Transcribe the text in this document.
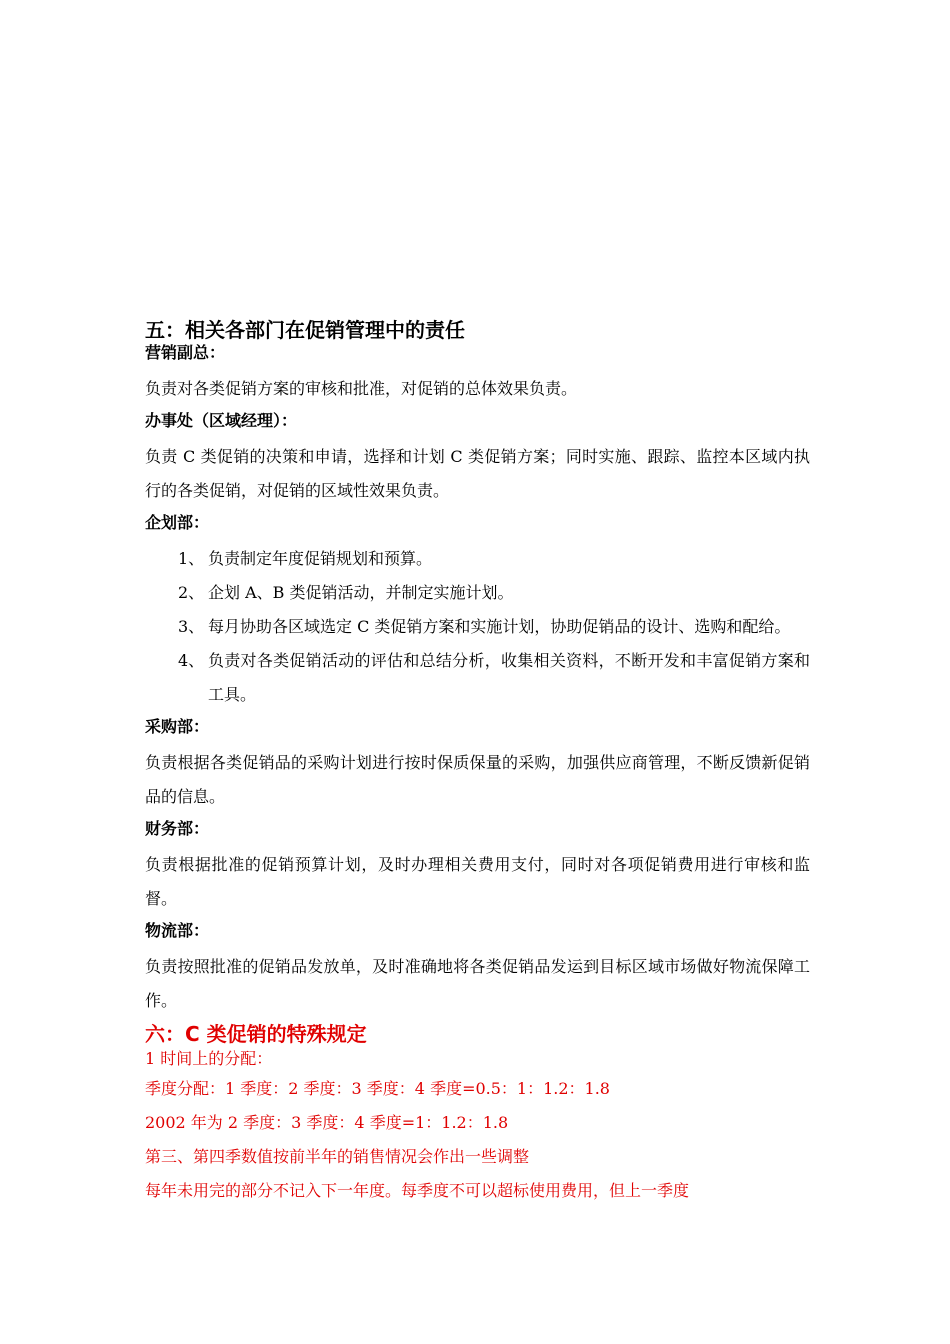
五：相关各部门在促销管理中的责任
营销副总：

负责对各类促销方案的审核和批准，对促销的总体效果负责。

办事处（区域经理）：

负责 C 类促销的决策和申请，选择和计划 C 类促销方案；同时实施、跟踪、监控本区域内执行的各类促销，对促销的区域性效果负责。

企划部：
1、 负责制定年度促销规划和预算。
2、 企划 A、B 类促销活动，并制定实施计划。
3、 每月协助各区域选定 C 类促销方案和实施计划，协助促销品的设计、选购和配给。
4、 负责对各类促销活动的评估和总结分析，收集相关资料，不断开发和丰富促销方案和工具。
采购部：

负责根据各类促销品的采购计划进行按时保质保量的采购，加强供应商管理，不断反馈新促销品的信息。

财务部：

负责根据批准的促销预算计划，及时办理相关费用支付，同时对各项促销费用进行审核和监督。

物流部：

负责按照批准的促销品发放单，及时准确地将各类促销品发运到目标区域市场做好物流保障工作。

六：C 类促销的特殊规定

1 时间上的分配：

季度分配：1 季度：2 季度：3 季度：4 季度=0.5：1：1.2：1.8

2002 年为 2 季度：3 季度：4 季度=1：1.2：1.8

第三、第四季数值按前半年的销售情况会作出一些调整

每年未用完的部分不记入下一年度。每季度不可以超标使用费用，但上一季度
